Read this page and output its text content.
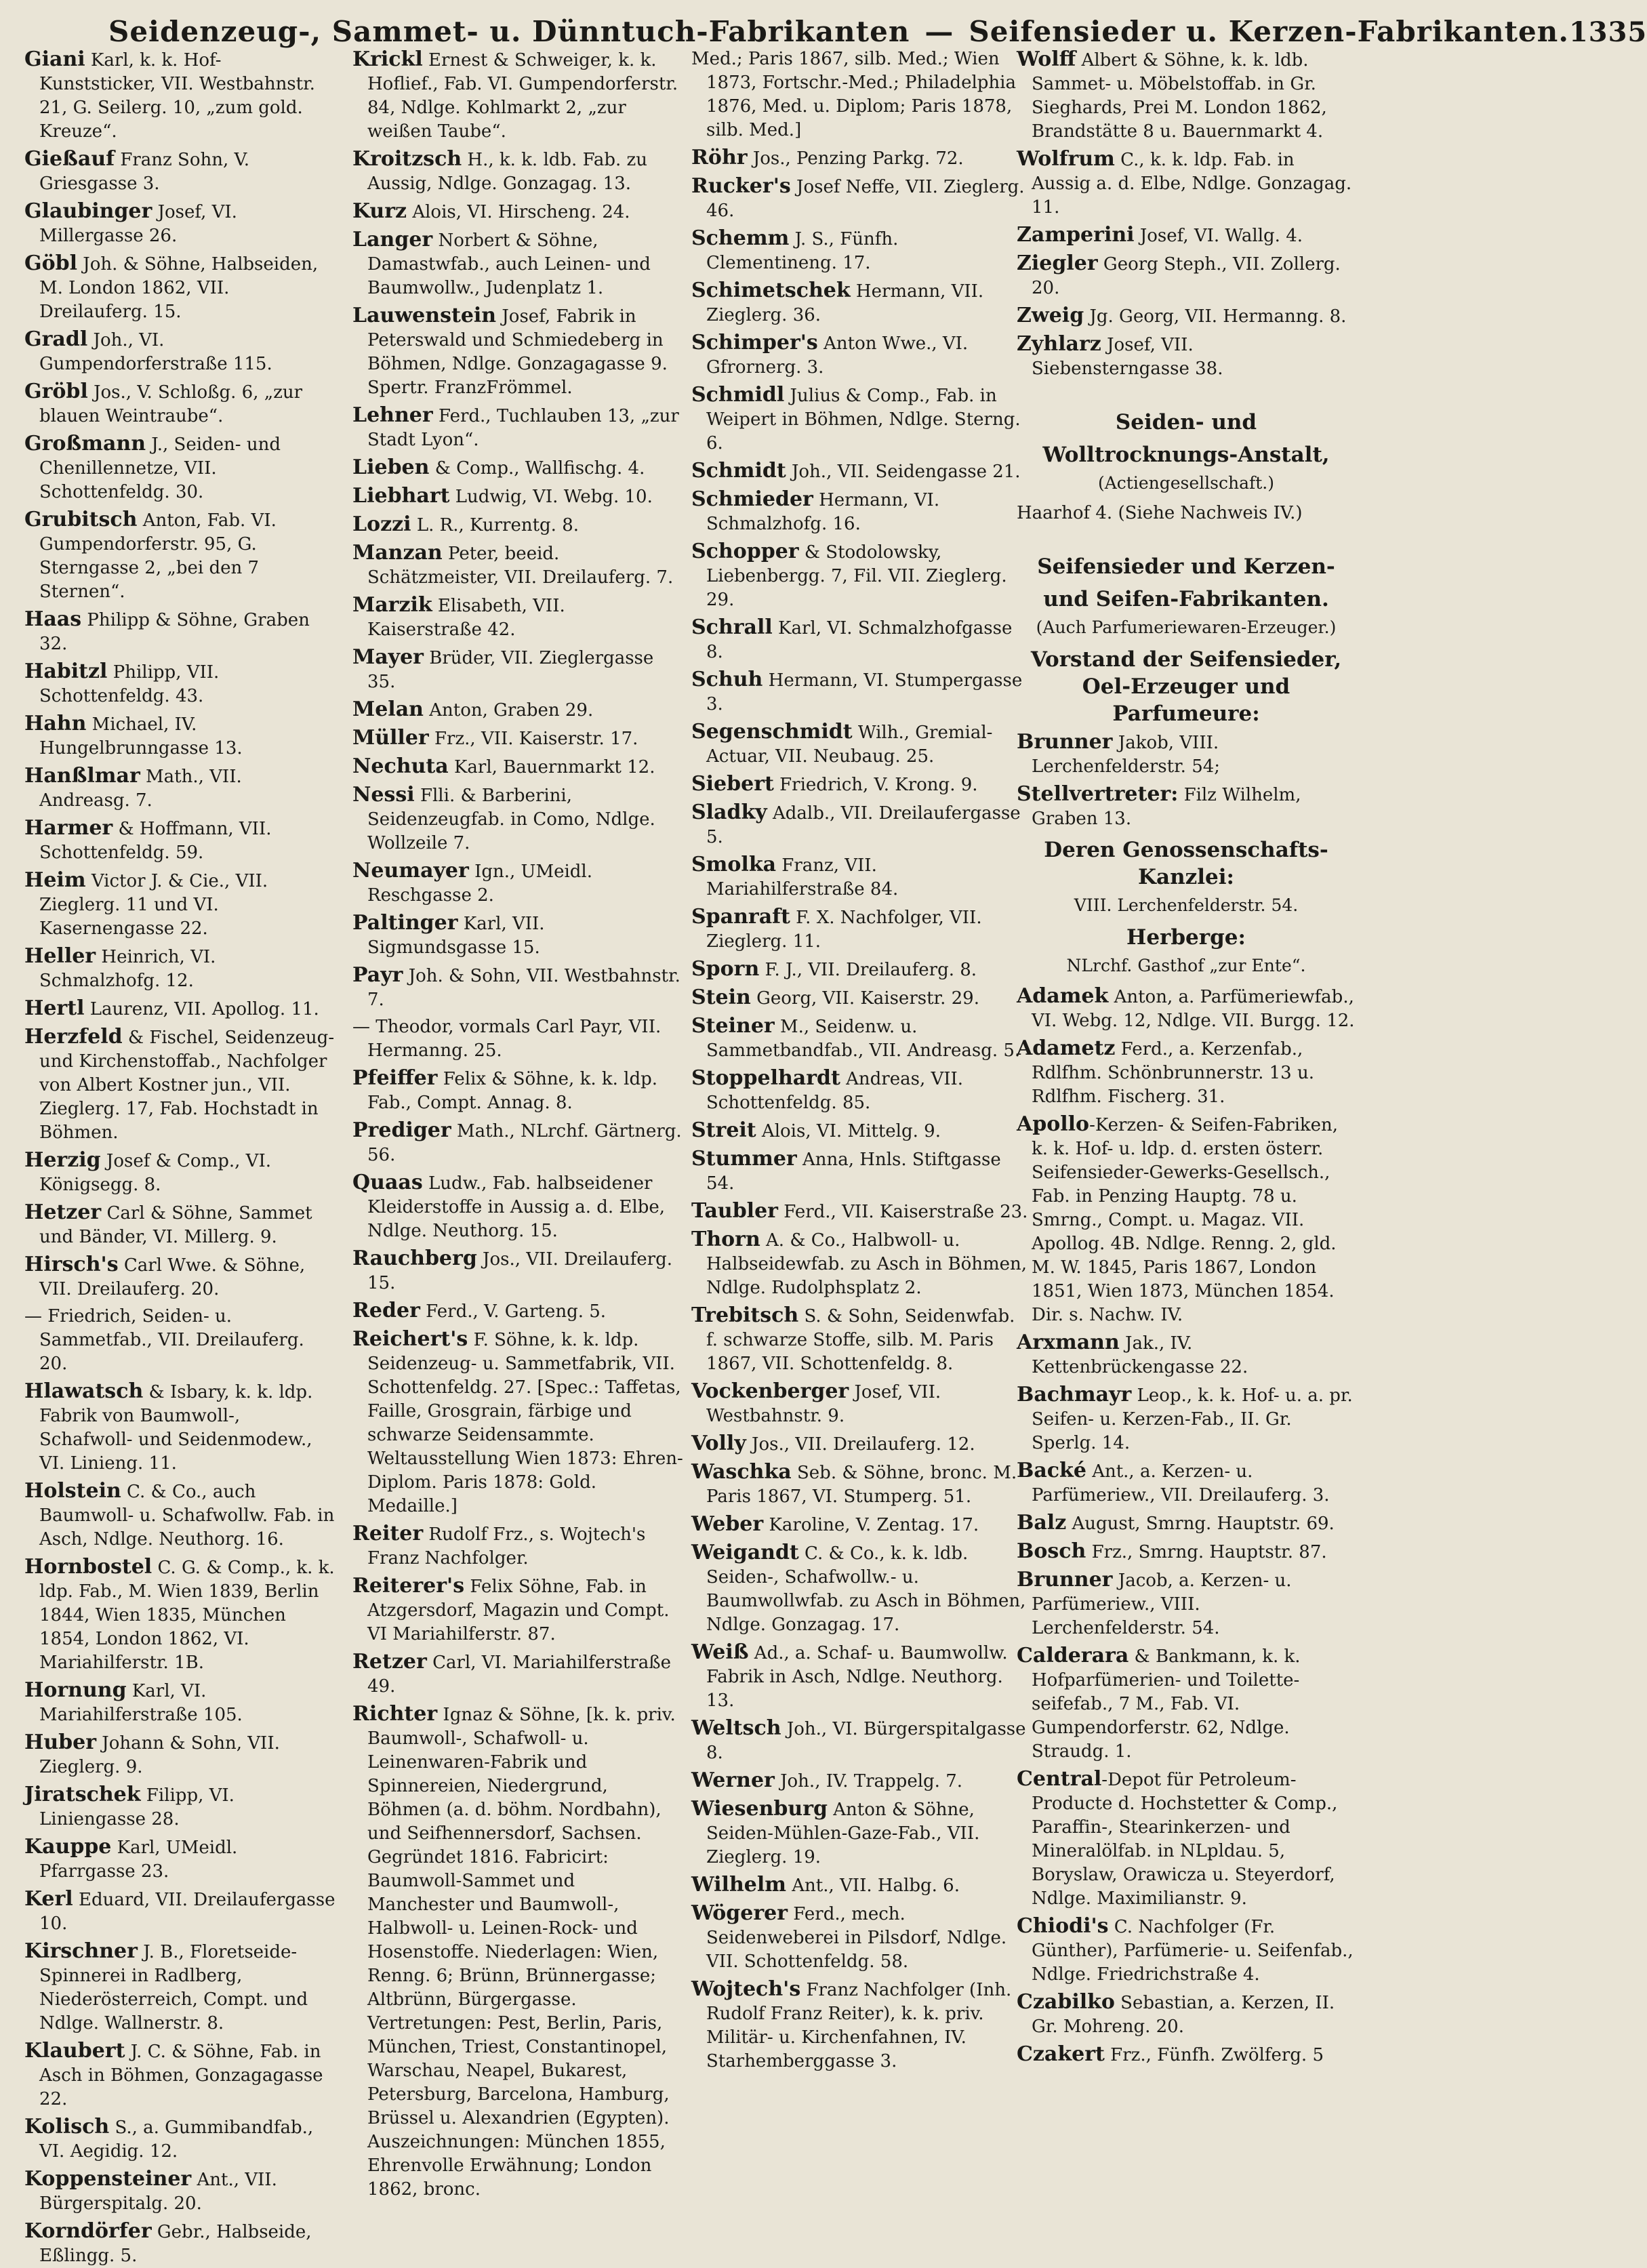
Seidenzeug-, Sammet- u. Dünntuch-Fabrikanten — Seifensieder u. Kerzen-Fabrikanten. 1335
Giani Karl, k. k. Hof-Kunststicker, VII. Westbahnstr. 21, G. Seilerg. 10, „zum gold. Kreuze“.
Gießauf Franz Sohn, V. Griesgasse 3.
Glaubinger Josef, VI. Millergasse 26.
Göbl Joh. & Söhne, Halbseiden, M. London 1862, VII. Dreilauferg. 15.
Gradl Joh., VI. Gumpendorferstraße 115.
Gröbl Jos., V. Schloßg. 6, „zur blauen Weintraube“.
Großmann J., Seiden- und Chenillennetze, VII. Schottenfeldg. 30.
Grubitsch Anton, Fab. VI. Gumpendorferstr. 95, G. Sterngasse 2, „bei den 7 Sternen“.
Haas Philipp & Söhne, Graben 32.
Habitzl Philipp, VII. Schottenfeldg. 43.
Hahn Michael, IV. Hungelbrunngasse 13.
Hanßlmar Math., VII. Andreasg. 7.
Harmer & Hoffmann, VII. Schottenfeldg. 59.
Heim Victor J. & Cie., VII. Zieglerg. 11 und VI. Kasernengasse 22.
Heller Heinrich, VI. Schmalzhofg. 12.
Hertl Laurenz, VII. Apollog. 11.
Herzfeld & Fischel, Seidenzeug- und Kirchenstoffab., Nachfolger von Albert Kostner jun., VII. Zieglerg. 17, Fab. Hochstadt in Böhmen.
Herzig Josef & Comp., VI. Königsegg. 8.
Hetzer Carl & Söhne, Sammet und Bänder, VI. Millerg. 9.
Hirsch's Carl Wwe. & Söhne, VII. Dreilauferg. 20.
— Friedrich, Seiden- u. Sammetfab., VII. Dreilauferg. 20.
Hlawatsch & Isbary, k. k. ldp. Fabrik von Baumwoll-, Schafwoll- und Seidenmodew., VI. Linieng. 11.
Holstein C. & Co., auch Baumwoll- u. Schafwollw. Fab. in Asch, Ndlge. Neuthorg. 16.
Hornbostel C. G. & Comp., k. k. ldp. Fab., M. Wien 1839, Berlin 1844, Wien 1835, München 1854, London 1862, VI. Mariahilferstr. 1B.
Hornung Karl, VI. Mariahilferstraße 105.
Huber Johann & Sohn, VII. Zieglerg. 9.
Jiratschek Filipp, VI. Liniengasse 28.
Kauppe Karl, UMeidl. Pfarrgasse 23.
Kerl Eduard, VII. Dreilaufergasse 10.
Kirschner J. B., Floretseide-Spinnerei in Radlberg, Niederösterreich, Compt. und Ndlge. Wallnerstr. 8.
Klaubert J. C. & Söhne, Fab. in Asch in Böhmen, Gonzagagasse 22.
Kolisch S., a. Gummibandfab., VI. Aegidig. 12.
Koppensteiner Ant., VII. Bürgerspitalg. 20.
Korndörfer Gebr., Halbseide, Eßlingg. 5.
Krickl Ernest & Schweiger, k. k. Hoflief., Fab. VI. Gumpendorferstr. 84, Ndlge. Kohlmarkt 2, „zur weißen Taube“.
Kroitzsch H., k. k. ldb. Fab. zu Aussig, Ndlge. Gonzagag. 13.
Kurz Alois, VI. Hirscheng. 24.
Langer Norbert & Söhne, Damastwfab., auch Leinen- und Baumwollw., Judenplatz 1.
Lauwenstein Josef, Fabrik in Peterswald und Schmiedeberg in Böhmen, Ndlge. Gonzagagasse 9. Spertr. FranzFrömmel.
Lehner Ferd., Tuchlauben 13, „zur Stadt Lyon“.
Lieben & Comp., Wallfischg. 4.
Liebhart Ludwig, VI. Webg. 10.
Lozzi L. R., Kurrentg. 8.
Manzan Peter, beeid. Schätzmeister, VII. Dreilauferg. 7.
Marzik Elisabeth, VII. Kaiserstraße 42.
Mayer Brüder, VII. Zieglergasse 35.
Melan Anton, Graben 29.
Müller Frz., VII. Kaiserstr. 17.
Nechuta Karl, Bauernmarkt 12.
Nessi Flli. & Barberini, Seidenzeugfab. in Como, Ndlge. Wollzeile 7.
Neumayer Ign., UMeidl. Reschgasse 2.
Paltinger Karl, VII. Sigmundsgasse 15.
Payr Joh. & Sohn, VII. Westbahnstr. 7.
— Theodor, vormals Carl Payr, VII. Hermanng. 25.
Pfeiffer Felix & Söhne, k. k. ldp. Fab., Compt. Annag. 8.
Prediger Math., NLrchf. Gärtnerg. 56.
Quaas Ludw., Fab. halbseidener Kleiderstoffe in Aussig a. d. Elbe, Ndlge. Neuthorg. 15.
Rauchberg Jos., VII. Dreilauferg. 15.
Reder Ferd., V. Garteng. 5.
Reichert's F. Söhne, k. k. ldp. Seidenzeug- u. Sammetfabrik, VII. Schottenfeldg. 27. [Spec.: Taffetas, Faille, Grosgrain, färbige und schwarze Seidensammte. Weltausstellung Wien 1873: Ehren-Diplom. Paris 1878: Gold. Medaille.]
Reiter Rudolf Frz., s. Wojtech's Franz Nachfolger.
Reiterer's Felix Söhne, Fab. in Atzgersdorf, Magazin und Compt. VI Mariahilferstr. 87.
Retzer Carl, VI. Mariahilferstraße 49.
Richter Ignaz & Söhne, [k. k. priv. Baumwoll-, Schafwoll- u. Leinenwaren-Fabrik und Spinnereien, Niedergrund, Böhmen (a. d. böhm. Nordbahn), und Seifhennersdorf, Sachsen. Gegründet 1816. Fabricirt: Baumwoll-Sammet und Manchester und Baumwoll-, Halbwoll- u. Leinen-Rock- und Hosenstoffe. Niederlagen: Wien, Renng. 6; Brünn, Brünnergasse; Altbrünn, Bürgergasse. Vertretungen: Pest, Berlin, Paris, München, Triest, Constantinopel, Warschau, Neapel, Bukarest, Petersburg, Barcelona, Hamburg, Brüssel u. Alexandrien (Egypten). Auszeichnungen: München 1855, Ehrenvolle Erwähnung; London 1862, bronc.
Med.; Paris 1867, silb. Med.; Wien 1873, Fortschr.-Med.; Philadelphia 1876, Med. u. Diplom; Paris 1878, silb. Med.]
Röhr Jos., Penzing Parkg. 72.
Rucker's Josef Neffe, VII. Zieglerg. 46.
Schemm J. S., Fünfh. Clementineng. 17.
Schimetschek Hermann, VII. Zieglerg. 36.
Schimper's Anton Wwe., VI. Gfrornerg. 3.
Schmidl Julius & Comp., Fab. in Weipert in Böhmen, Ndlge. Sterng. 6.
Schmidt Joh., VII. Seidengasse 21.
Schmieder Hermann, VI. Schmalzhofg. 16.
Schopper & Stodolowsky, Liebenbergg. 7, Fil. VII. Zieglerg. 29.
Schrall Karl, VI. Schmalzhofgasse 8.
Schuh Hermann, VI. Stumpergasse 3.
Segenschmidt Wilh., Gremial-Actuar, VII. Neubaug. 25.
Siebert Friedrich, V. Krong. 9.
Sladky Adalb., VII. Dreilaufergasse 5.
Smolka Franz, VII. Mariahilferstraße 84.
Spanraft F. X. Nachfolger, VII. Zieglerg. 11.
Sporn F. J., VII. Dreilauferg. 8.
Stein Georg, VII. Kaiserstr. 29.
Steiner M., Seidenw. u. Sammetbandfab., VII. Andreasg. 5.
Stoppelhardt Andreas, VII. Schottenfeldg. 85.
Streit Alois, VI. Mittelg. 9.
Stummer Anna, Hnls. Stiftgasse 54.
Taubler Ferd., VII. Kaiserstraße 23.
Thorn A. & Co., Halbwoll- u. Halbseidewfab. zu Asch in Böhmen, Ndlge. Rudolphsplatz 2.
Trebitsch S. & Sohn, Seidenwfab. f. schwarze Stoffe, silb. M. Paris 1867, VII. Schottenfeldg. 8.
Vockenberger Josef, VII. Westbahnstr. 9.
Volly Jos., VII. Dreilauferg. 12.
Waschka Seb. & Söhne, bronc. M. Paris 1867, VI. Stumperg. 51.
Weber Karoline, V. Zentag. 17.
Weigandt C. & Co., k. k. ldb. Seiden-, Schafwollw.- u. Baumwollwfab. zu Asch in Böhmen, Ndlge. Gonzagag. 17.
Weiß Ad., a. Schaf- u. Baumwollw. Fabrik in Asch, Ndlge. Neuthorg. 13.
Weltsch Joh., VI. Bürgerspitalgasse 8.
Werner Joh., IV. Trappelg. 7.
Wiesenburg Anton & Söhne, Seiden-Mühlen-Gaze-Fab., VII. Zieglerg. 19.
Wilhelm Ant., VII. Halbg. 6.
Wögerer Ferd., mech. Seidenweberei in Pilsdorf, Ndlge. VII. Schottenfeldg. 58.
Wojtech's Franz Nachfolger (Inh. Rudolf Franz Reiter), k. k. priv. Militär- u. Kirchenfahnen, IV. Starhemberggasse 3.
Wolff Albert & Söhne, k. k. ldb. Sammet- u. Möbelstoffab. in Gr. Sieghards, Prei M. London 1862, Brandstätte 8 u. Bauernmarkt 4.
Wolfrum C., k. k. ldp. Fab. in Aussig a. d. Elbe, Ndlge. Gonzagag. 11.
Zamperini Josef, VI. Wallg. 4.
Ziegler Georg Steph., VII. Zollerg. 20.
Zweig Jg. Georg, VII. Hermanng. 8.
Zyhlarz Josef, VII. Siebensterngasse 38.
Seiden- und
Wolltrocknungs-Anstalt,
(Actiengesellschaft.)
Haarhof 4. (Siehe Nachweis IV.)
Seifensieder und Kerzen-
und Seifen-Fabrikanten.
(Auch Parfumeriewaren-Erzeuger.)
Vorstand der Seifensieder, Oel-Erzeuger und Parfumeure:
Brunner Jakob, VIII. Lerchenfelderstr. 54;
Stellvertreter: Filz Wilhelm, Graben 13.
Deren Genossenschafts-Kanzlei:
VIII. Lerchenfelderstr. 54.
Herberge:
NLrchf. Gasthof „zur Ente“.
Adamek Anton, a. Parfümeriewfab., VI. Webg. 12, Ndlge. VII. Burgg. 12.
Adametz Ferd., a. Kerzenfab., Rdlfhm. Schönbrunnerstr. 13 u. Rdlfhm. Fischerg. 31.
Apollo-Kerzen- & Seifen-Fabriken, k. k. Hof- u. ldp. d. ersten österr. Seifensieder-Gewerks-Gesellsch., Fab. in Penzing Hauptg. 78 u. Smrng., Compt. u. Magaz. VII. Apollog. 4B. Ndlge. Renng. 2, gld. M. W. 1845, Paris 1867, London 1851, Wien 1873, München 1854. Dir. s. Nachw. IV.
Arxmann Jak., IV. Kettenbrückengasse 22.
Bachmayr Leop., k. k. Hof- u. a. pr. Seifen- u. Kerzen-Fab., II. Gr. Sperlg. 14.
Backé Ant., a. Kerzen- u. Parfümeriew., VII. Dreilauferg. 3.
Balz August, Smrng. Hauptstr. 69.
Bosch Frz., Smrng. Hauptstr. 87.
Brunner Jacob, a. Kerzen- u. Parfümeriew., VIII. Lerchenfelderstr. 54.
Calderara & Bankmann, k. k. Hofparfümerien- und Toilette-seifefab., 7 M., Fab. VI. Gumpendorferstr. 62, Ndlge. Straudg. 1.
Central-Depot für Petroleum-Producte d. Hochstetter & Comp., Paraffin-, Stearinkerzen- und Mineralölfab. in NLpldau. 5, Boryslaw, Orawicza u. Steyerdorf, Ndlge. Maximilianstr. 9.
Chiodi's C. Nachfolger (Fr. Günther), Parfümerie- u. Seifenfab., Ndlge. Friedrichstraße 4.
Czabilko Sebastian, a. Kerzen, II. Gr. Mohreng. 20.
Czakert Frz., Fünfh. Zwölferg. 5
